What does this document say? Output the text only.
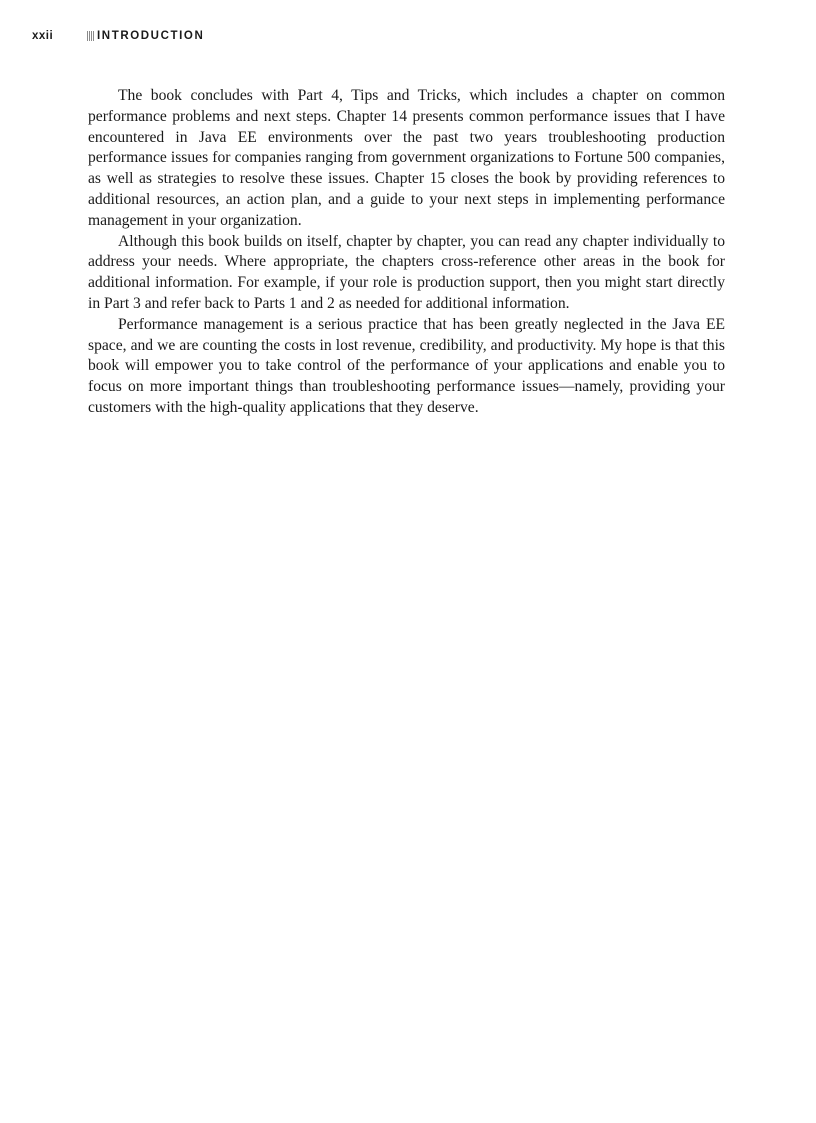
xxii	INTRODUCTION

The book concludes with Part 4, Tips and Tricks, which includes a chapter on common performance problems and next steps. Chapter 14 presents common performance issues that I have encountered in Java EE environments over the past two years troubleshooting production performance issues for companies ranging from government organizations to Fortune 500 companies, as well as strategies to resolve these issues. Chapter 15 closes the book by providing references to additional resources, an action plan, and a guide to your next steps in implementing performance management in your organization.

Although this book builds on itself, chapter by chapter, you can read any chapter individually to address your needs. Where appropriate, the chapters cross-reference other areas in the book for additional information. For example, if your role is production support, then you might start directly in Part 3 and refer back to Parts 1 and 2 as needed for additional information.

Performance management is a serious practice that has been greatly neglected in the Java EE space, and we are counting the costs in lost revenue, credibility, and productivity. My hope is that this book will empower you to take control of the performance of your applications and enable you to focus on more important things than troubleshooting performance issues—namely, providing your customers with the high-quality applications that they deserve.
